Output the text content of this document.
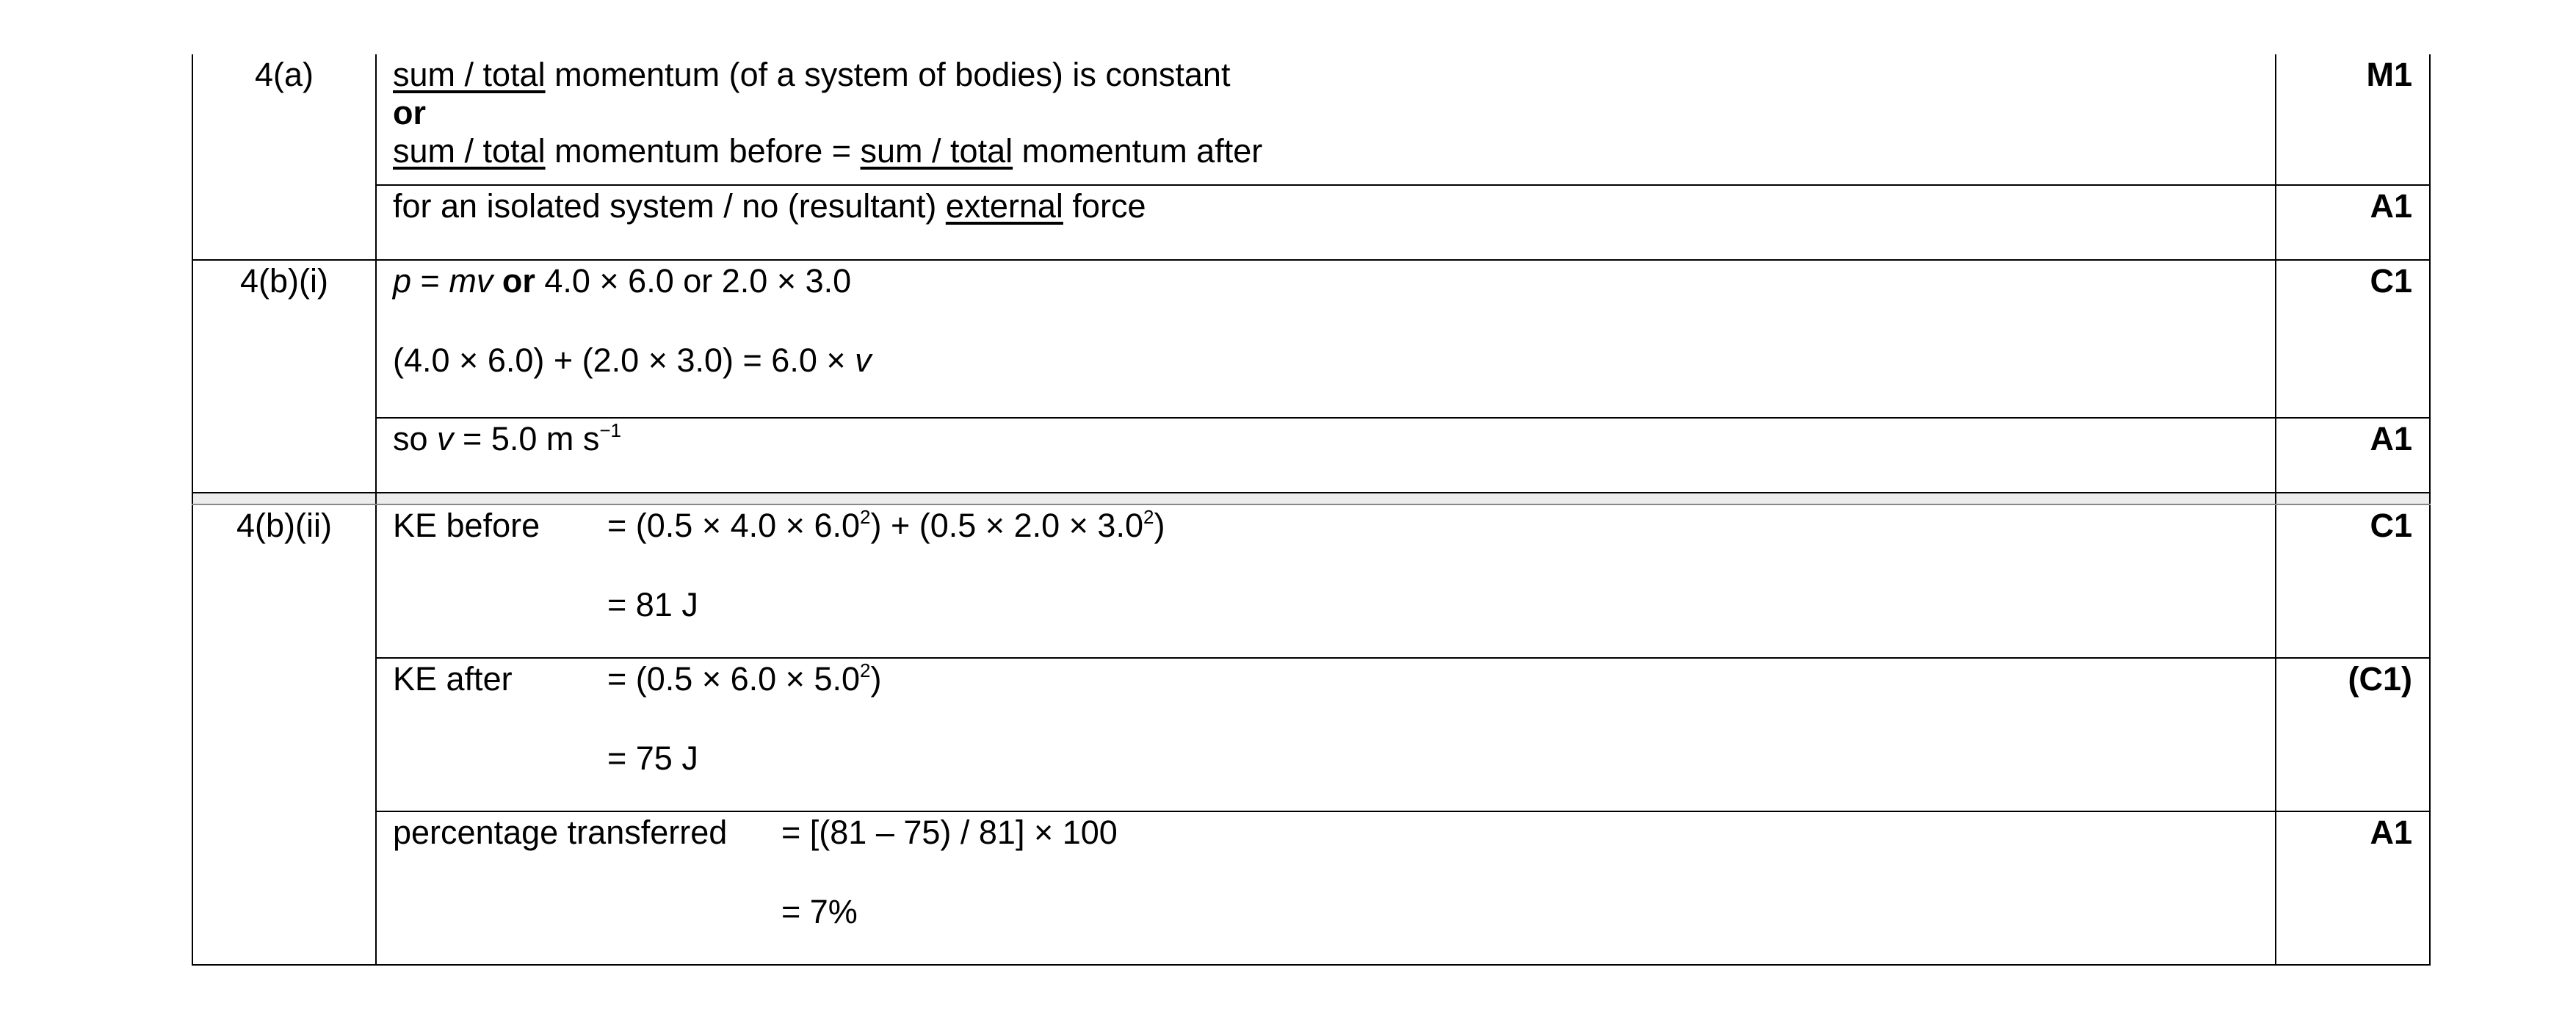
4(a)	sum / total momentum (of a system of bodies) is constant
or
sum / total momentum before = sum / total momentum after	M1
	for an isolated system / no (resultant) external force	A1
4(b)(i)	p = mv or 4.0 × 6.0 or 2.0 × 3.0
(4.0 × 6.0) + (2.0 × 3.0) = 6.0 × v	C1
	so v = 5.0 m $s^{-1}$	A1

4(b)(ii)	KE before = $(0.5 \times 4.0 \times 6.0^2) + (0.5 \times 2.0 \times 3.0^2)$
= 81 J	C1

	KE after = $(0.5 \times 6.0 \times 5.0^2)$
= 75 J	(C1)

	percentage transferred = [(81 – 75) / 81] × 100
= 7%	A1
